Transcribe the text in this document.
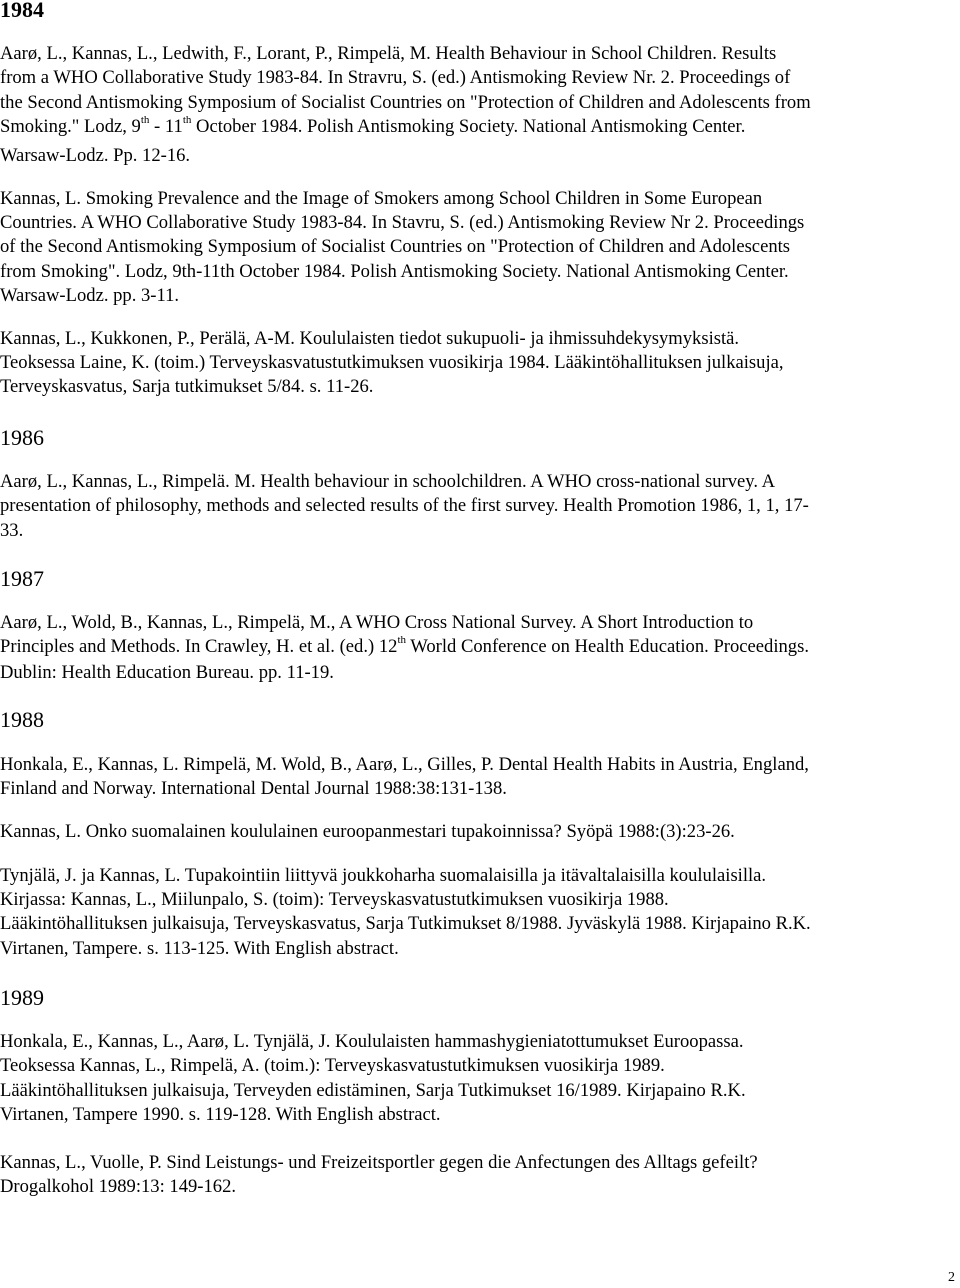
1984
Aarø, L., Kannas, L., Ledwith, F., Lorant, P., Rimpelä, M. Health Behaviour in School Children. Results
from a WHO Collaborative Study 1983-84. In Stravru, S. (ed.) Antismoking Review Nr. 2. Proceedings of
the Second Antismoking Symposium of Socialist Countries on "Protection of Children and Adolescents from
Smoking." Lodz, 9th - 11th October 1984. Polish Antismoking Society. National Antismoking Center.
Warsaw-Lodz. Pp. 12-16.
Kannas, L. Smoking Prevalence and the Image of Smokers among School Children in Some European
Countries. A WHO Collaborative Study 1983-84. In Stavru, S. (ed.) Antismoking Review Nr 2. Proceedings
of the Second Antismoking Symposium of Socialist Countries on "Protection of Children and Adolescents
from Smoking". Lodz, 9th-11th October 1984. Polish Antismoking Society. National Antismoking Center.
Warsaw-Lodz. pp. 3-11.
Kannas, L., Kukkonen, P., Perälä, A-M. Koululaisten tiedot sukupuoli- ja ihmissuhdekysymyksistä.
Teoksessa Laine, K. (toim.) Terveyskasvatustutkimuksen vuosikirja 1984. Lääkintöhallituksen julkaisuja,
Terveyskasvatus, Sarja tutkimukset 5/84. s. 11-26.
1986
Aarø, L., Kannas, L., Rimpelä. M. Health behaviour in schoolchildren. A WHO cross-national survey. A
presentation of philosophy, methods and selected results of the first survey. Health Promotion 1986, 1, 1, 17-
33.
1987
Aarø, L., Wold, B., Kannas, L., Rimpelä, M., A WHO Cross National Survey. A Short Introduction to
Principles and Methods. In Crawley, H. et al. (ed.) 12th World Conference on Health Education. Proceedings.
Dublin: Health Education Bureau. pp. 11-19.
1988
Honkala, E., Kannas, L. Rimpelä, M. Wold, B., Aarø, L., Gilles, P. Dental Health Habits in Austria, England,
Finland and Norway. International Dental Journal 1988:38:131-138.
Kannas, L. Onko suomalainen koululainen euroopanmestari tupakoinnissa? Syöpä 1988:(3):23-26.
Tynjälä, J. ja Kannas, L. Tupakointiin liittyvä joukkoharha suomalaisilla ja itävaltalaisilla koululaisilla.
Kirjassa: Kannas, L., Miilunpalo, S. (toim): Terveyskasvatustutkimuksen vuosikirja 1988.
Lääkintöhallituksen julkaisuja, Terveyskasvatus, Sarja Tutkimukset 8/1988. Jyväskylä 1988. Kirjapaino R.K.
Virtanen, Tampere. s. 113-125. With English abstract.
1989
Honkala, E., Kannas, L., Aarø, L. Tynjälä, J. Koululaisten hammashygieniatottumukset Euroopassa.
Teoksessa Kannas, L., Rimpelä, A. (toim.): Terveyskasvatustutkimuksen vuosikirja 1989.
Lääkintöhallituksen julkaisuja, Terveyden edistäminen, Sarja Tutkimukset 16/1989. Kirjapaino R.K.
Virtanen, Tampere 1990. s. 119-128. With English abstract.
Kannas, L., Vuolle, P. Sind Leistungs- und Freizeitsportler gegen die Anfectungen des Alltags gefeilt?
Drogalkohol 1989:13: 149-162.
2
